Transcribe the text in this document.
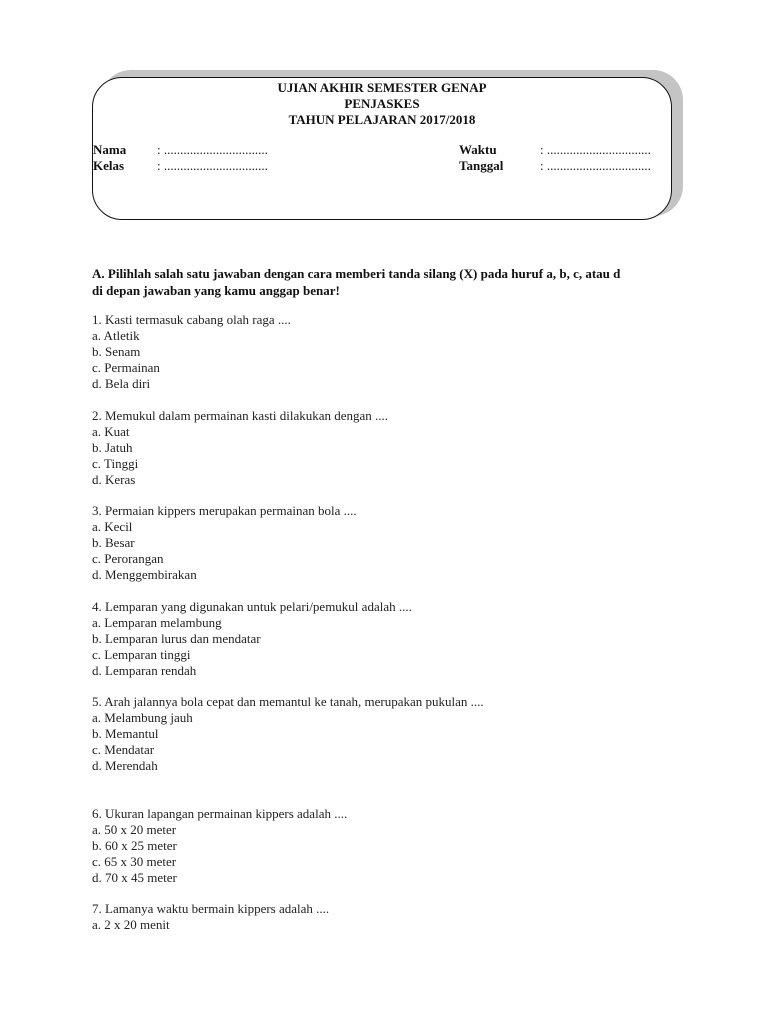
UJIAN AKHIR SEMESTER GENAP
PENJASKES
TAHUN PELAJARAN 2017/2018
Nama : ................................
Kelas	: ................................
Waktu	: ................................
Tanggal	: ................................
A. Pilihlah salah satu jawaban dengan cara memberi tanda silang (X) pada huruf a, b, c, atau d
di depan jawaban yang kamu anggap benar!
1. Kasti termasuk cabang olah raga ....
a. Atletik
b. Senam
c. Permainan
d. Bela diri
2. Memukul dalam permainan kasti dilakukan dengan ....
a. Kuat
b. Jatuh
c. Tinggi
d. Keras
3. Permaian kippers merupakan permainan bola ....
a. Kecil
b. Besar
c. Perorangan
d. Menggembirakan
4. Lemparan yang digunakan untuk pelari/pemukul adalah ....
a. Lemparan melambung
b. Lemparan lurus dan mendatar
c. Lemparan tinggi
d. Lemparan rendah
5. Arah jalannya bola cepat dan memantul ke tanah, merupakan pukulan ....
a. Melambung jauh
b. Memantul
c. Mendatar
d. Merendah
6. Ukuran lapangan permainan kippers adalah ....
a. 50 x 20 meter
b. 60 x 25 meter
c. 65 x 30 meter
d. 70 x 45 meter
7. Lamanya waktu bermain kippers adalah ....
a. 2 x 20 menit
